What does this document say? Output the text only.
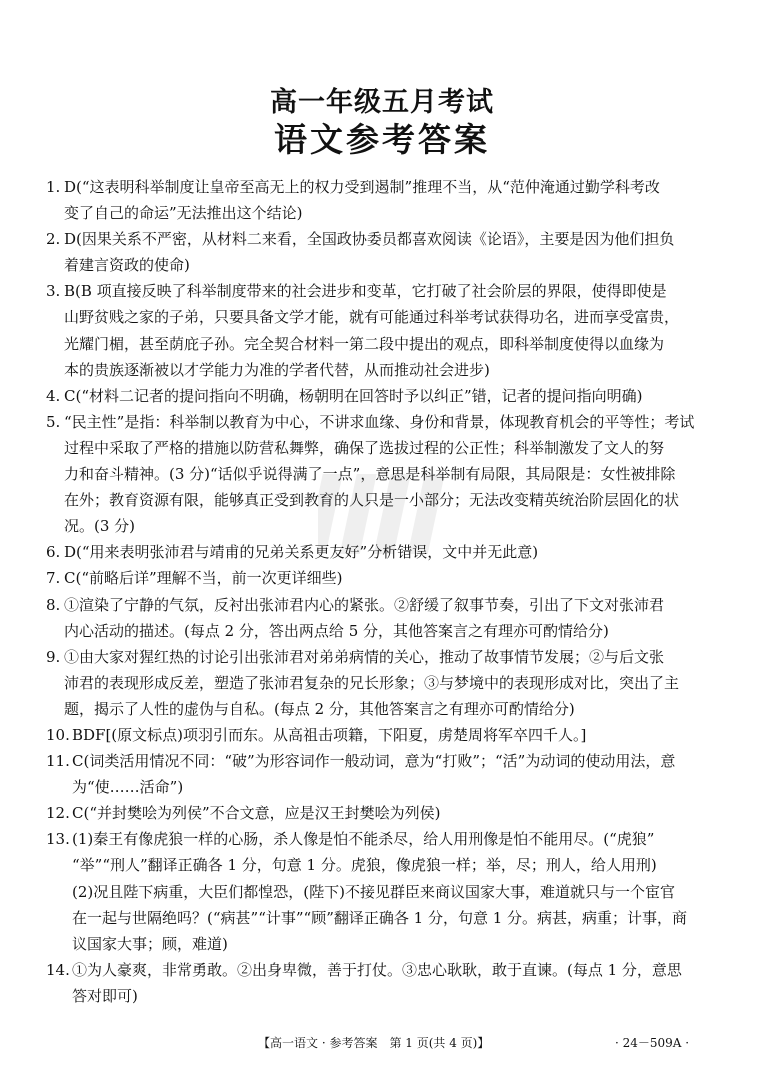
高一年级五月考试
语文参考答案
1. D(“这表明科举制度让皇帝至高无上的权力受到遏制”推理不当，从“范仲淹通过勤学科考改
变了自己的命运”无法推出这个结论)
2. D(因果关系不严密，从材料二来看，全国政协委员都喜欢阅读《论语》，主要是因为他们担负
着建言资政的使命)
3. B(B 项直接反映了科举制度带来的社会进步和变革，它打破了社会阶层的界限，使得即使是
山野贫贱之家的子弟，只要具备文学才能，就有可能通过科举考试获得功名，进而享受富贵，
光耀门楣，甚至荫庇子孙。完全契合材料一第二段中提出的观点，即科举制度使得以血缘为
本的贵族逐渐被以才学能力为准的学者代替，从而推动社会进步)
4. C(“材料二记者的提问指向不明确，杨朝明在回答时予以纠正”错，记者的提问指向明确)
5. “民主性”是指：科举制以教育为中心，不讲求血缘、身份和背景，体现教育机会的平等性；考试
过程中采取了严格的措施以防营私舞弊，确保了选拔过程的公正性；科举制激发了文人的努
力和奋斗精神。(3 分)“话似乎说得满了一点”，意思是科举制有局限，其局限是：女性被排除
在外；教育资源有限，能够真正受到教育的人只是一小部分；无法改变精英统治阶层固化的状
况。(3 分)
6. D(“用来表明张沛君与靖甫的兄弟关系更友好”分析错误，文中并无此意)
7. C(“前略后详”理解不当，前一次更详细些)
8. ①渲染了宁静的气氛，反衬出张沛君内心的紧张。②舒缓了叙事节奏，引出了下文对张沛君
内心活动的描述。(每点 2 分，答出两点给 5 分，其他答案言之有理亦可酌情给分)
9. ①由大家对猩红热的讨论引出张沛君对弟弟病情的关心，推动了故事情节发展；②与后文张
沛君的表现形成反差，塑造了张沛君复杂的兄长形象；③与梦境中的表现形成对比，突出了主
题，揭示了人性的虚伪与自私。(每点 2 分，其他答案言之有理亦可酌情给分)
10. BDF[(原文标点)项羽引而东。从高祖击项籍，下阳夏，虏楚周将军卒四千人。]
11. C(词类活用情况不同：“破”为形容词作一般动词，意为“打败”；“活”为动词的使动用法，意
为“使……活命”)
12. C(“并封樊哙为列侯”不合文意，应是汉王封樊哙为列侯)
13. (1)秦王有像虎狼一样的心肠，杀人像是怕不能杀尽，给人用刑像是怕不能用尽。(“虎狼”
“举”“刑人”翻译正确各 1 分，句意 1 分。虎狼，像虎狼一样；举，尽；刑人，给人用刑)
(2)况且陛下病重，大臣们都惶恐，(陛下)不接见群臣来商议国家大事，难道就只与一个宦官
在一起与世隔绝吗？(“病甚”“计事”“顾”翻译正确各 1 分，句意 1 分。病甚，病重；计事，商
议国家大事；顾，难道)
14. ①为人豪爽，非常勇敢。②出身卑微，善于打仗。③忠心耿耿，敢于直谏。(每点 1 分，意思
答对即可)
【高一语文 · 参考答案　第 1 页(共 4 页)】	· 24－509A ·
